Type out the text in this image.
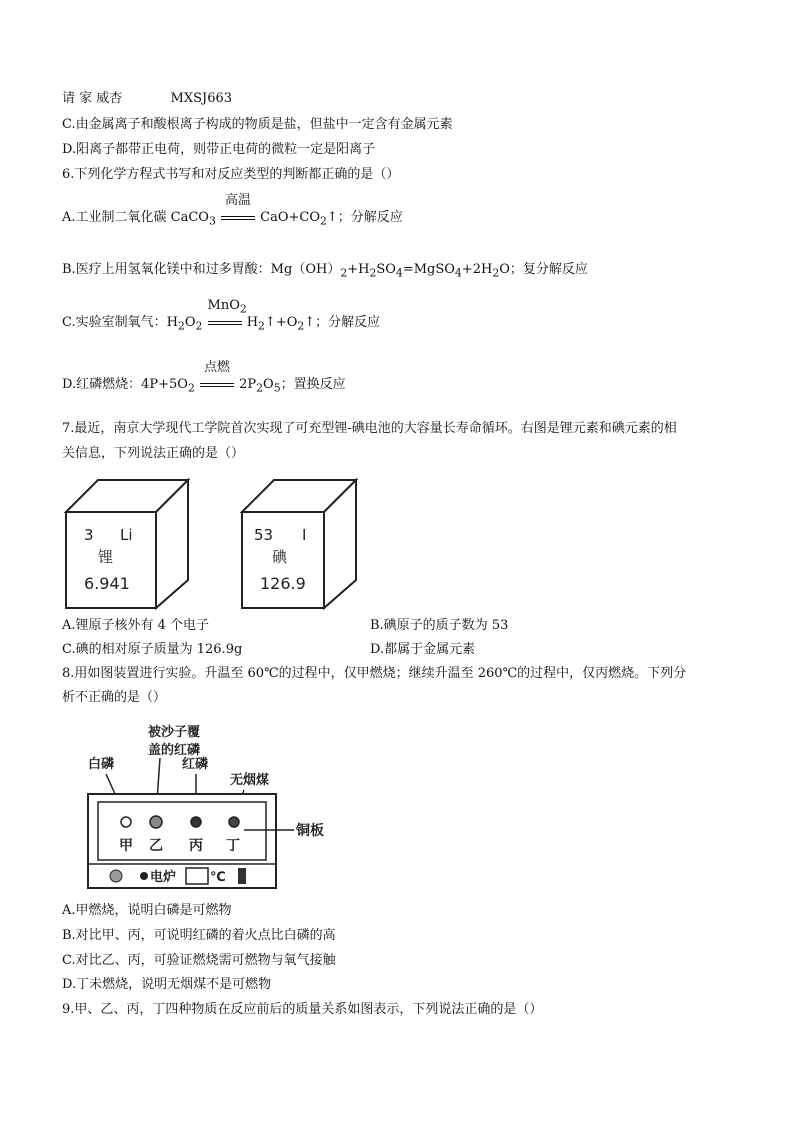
请 家 威杏	MXSJ663
C.由金属离子和酸根离子构成的物质是盐，但盐中一定含有金属元素
D.阳离子都带正电荷，则带正电荷的微粒一定是阳离子
6.下列化学方程式书写和对反应类型的判断都正确的是（）
A.工业制二氧化碳 CaCO$_3$
高温
$CaO+CO_2↑$；分解反应
B.医疗上用氢氧化镁中和过多胃酸：$Mg(OH)_2+H_2SO_4=MgSO_4+2H_2O$；复分解反应
C.实验室制氧气：$H_2O_2$
MnO$_2$
$H_2↑+O_2↑$；分解反应
D.红磷燃烧：$4P+5O_2$
点燃
$2P_2O_5$；置换反应
7.最近，南京大学现代工学院首次实现了可充型锂-碘电池的大容量长寿命循环。右图是锂元素和碘元素的相
关信息，下列说法正确的是（）
3 Li
锂
6.941
53 I
碘
126.9
A.锂原子核外有 4 个电子	B.碘原子的质子数为 53
C.碘的相对原子质量为 126.9g	D.都属于金属元素
8.用如图装置进行实验。升温至 60℃的过程中，仅甲燃烧；继续升温至 260℃的过程中，仅丙燃烧。下列分
析不正确的是（）
被沙子覆
盖的红磷
白磷	红磷
无烟煤
甲 乙 丙 丁
铜板
电炉	℃
A.甲燃烧，说明白磷是可燃物
B.对比甲、丙，可说明红磷的着火点比白磷的高
C.对比乙、丙，可验证燃烧需可燃物与氧气接触
D.丁未燃烧，说明无烟煤不是可燃物
9.甲、乙、丙，丁四种物质在反应前后的质量关系如图表示，下列说法正确的是（）
